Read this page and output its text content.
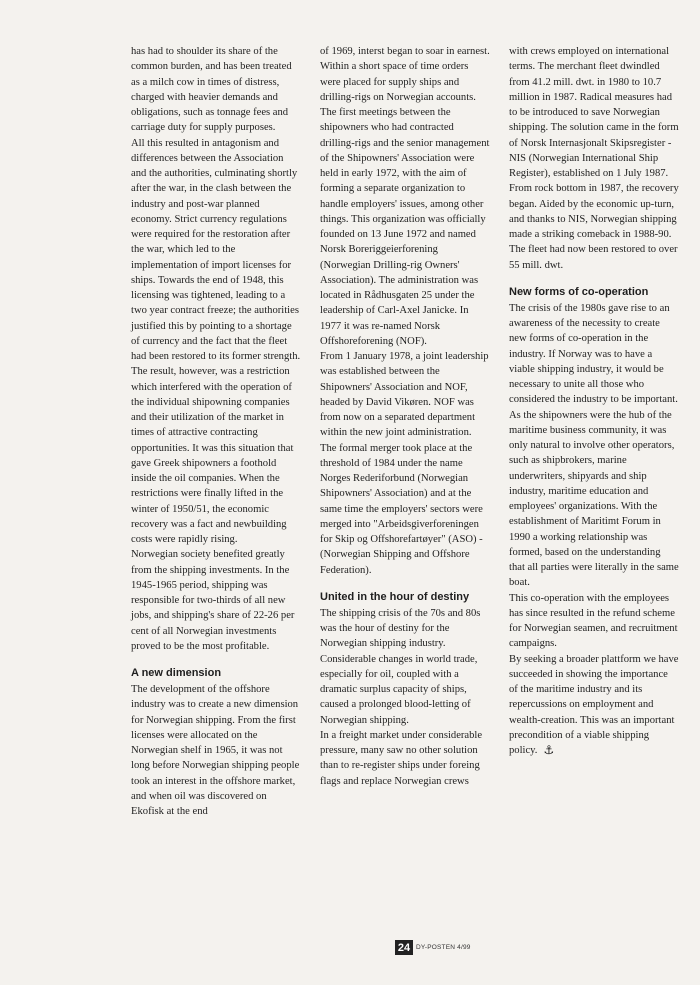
has had to shoulder its share of the common burden, and has been treated as a milch cow in times of distress, charged with heavier demands and obligations, such as tonnage fees and carriage duty for supply purposes.

All this resulted in antagonism and differences between the Association and the authorities, culminating shortly after the war, in the clash between the industry and post-war planned economy. Strict currency regulations were required for the restoration after the war, which led to the implementation of import licenses for ships. Towards the end of 1948, this licensing was tightened, leading to a two year contract freeze; the authorities justified this by pointing to a shortage of currency and the fact that the fleet had been restored to its former strength. The result, however, was a restriction which interfered with the operation of the individual shipowning companies and their utilization of the market in times of attractive contracting opportunities. It was this situation that gave Greek shipowners a foothold inside the oil companies. When the restrictions were finally lifted in the winter of 1950/51, the economic recovery was a fact and newbuilding costs were rapidly rising.

Norwegian society benefited greatly from the shipping investments. In the 1945-1965 period, shipping was responsible for two-thirds of all new jobs, and shipping's share of 22-26 per cent of all Norwegian investments proved to be the most profitable.

A new dimension

The development of the offshore industry was to create a new dimension for Norwegian shipping. From the first licenses were allocated on the Norwegian shelf in 1965, it was not long before Norwegian shipping people took an interest in the offshore market, and when oil was discovered on Ekofisk at the end

of 1969, interst began to soar in earnest. Within a short space of time orders were placed for supply ships and drilling-rigs on Norwegian accounts.

The first meetings between the shipowners who had contracted drilling-rigs and the senior management of the Shipowners' Association were held in early 1972, with the aim of forming a separate organization to handle employers' issues, among other things. This organization was officially founded on 13 June 1972 and named Norsk Boreriggeierforening (Norwegian Drilling-rig Owners' Association). The administration was located in Rådhusgaten 25 under the leadership of Carl-Axel Janicke. In 1977 it was re-named Norsk Offshoreforening (NOF).

From 1 January 1978, a joint leadership was established between the Shipowners' Association and NOF, headed by David Vikøren. NOF was from now on a separated department within the new joint administration. The formal merger took place at the threshold of 1984 under the name Norges Rederiforbund (Norwegian Shipowners' Association) and at the same time the employers' sectors were merged into "Arbeidsgiverforeningen for Skip og Offshorefartøyer" (ASO) - (Norwegian Shipping and Offshore Federation).

United in the hour of destiny

The shipping crisis of the 70s and 80s was the hour of destiny for the Norwegian shipping industry. Considerable changes in world trade, especially for oil, coupled with a dramatic surplus capacity of ships, caused a prolonged blood-letting of Norwegian shipping.

In a freight market under considerable pressure, many saw no other solution than to re-register ships under foreing flags and replace Norwegian crews

with crews employed on international terms. The merchant fleet dwindled from 41.2 mill. dwt. in 1980 to 10.7 million in 1987. Radical measures had to be introduced to save Norwegian shipping. The solution came in the form of Norsk Internasjonalt Skipsregister - NIS (Norwegian International Ship Register), established on 1 July 1987. From rock bottom in 1987, the recovery began. Aided by the economic up-turn, and thanks to NIS, Norwegian shipping made a striking comeback in 1988-90. The fleet had now been restored to over 55 mill. dwt.

New forms of co-operation

The crisis of the 1980s gave rise to an awareness of the necessity to create new forms of co-operation in the industry. If Norway was to have a viable shipping industry, it would be necessary to unite all those who considered the industry to be important. As the shipowners were the hub of the maritime business community, it was only natural to involve other operators, such as shipbrokers, marine underwriters, shipyards and ship industry, maritime education and employees' organizations. With the establishment of Maritimt Forum in 1990 a working relationship was formed, based on the understanding that all parties were literally in the same boat.

This co-operation with the employees has since resulted in the refund scheme for Norwegian seamen, and recruitment campaigns.

By seeking a broader plattform we have succeeded in showing the importance of the maritime industry and its repercussions on employment and wealth-creation. This was an important precondition of a viable shipping policy. ⚓

24 DY-POSTEN 4/99
